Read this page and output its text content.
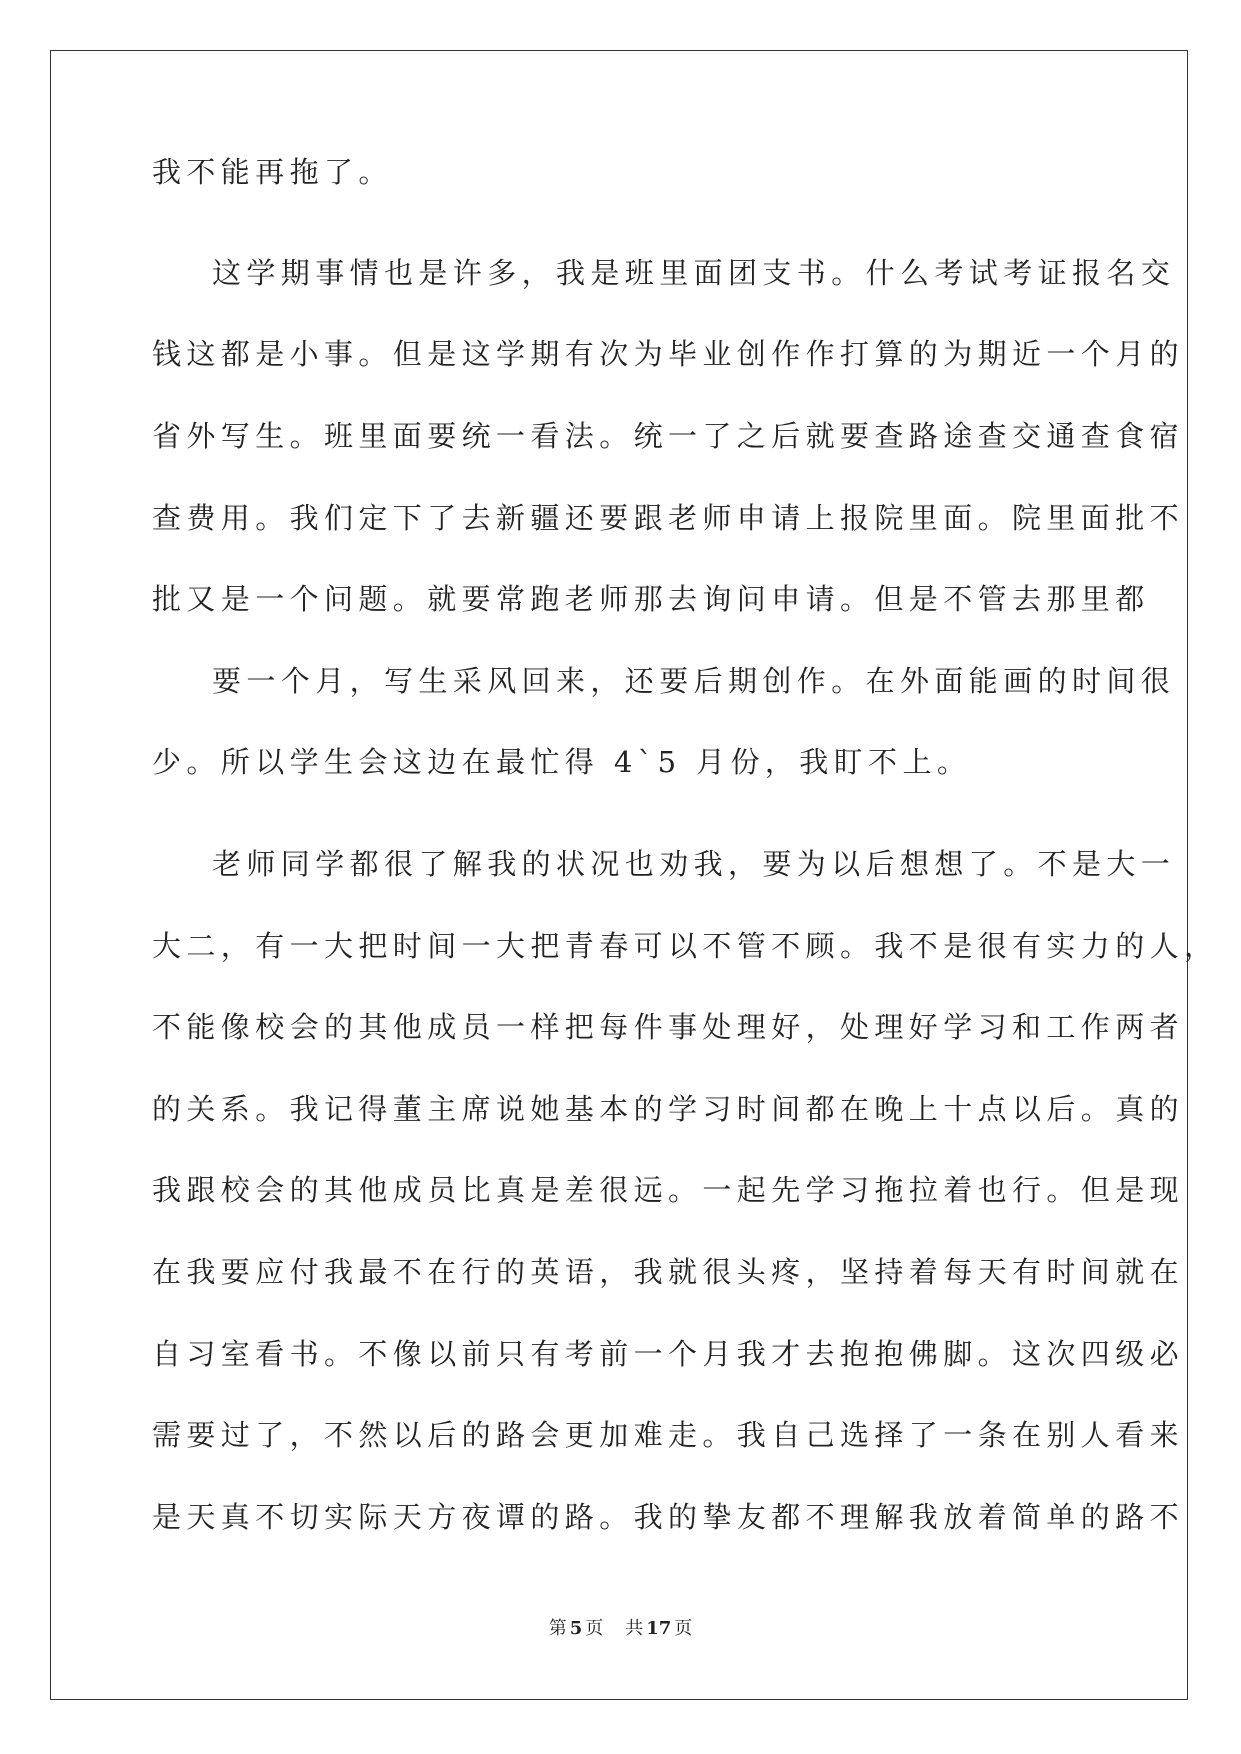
我不能再拖了。
这学期事情也是许多，我是班里面团支书。什么考试考证报名交
钱这都是小事。但是这学期有次为毕业创作作打算的为期近一个月的
省外写生。班里面要统一看法。统一了之后就要查路途查交通查食宿
查费用。我们定下了去新疆还要跟老师申请上报院里面。院里面批不
批又是一个问题。就要常跑老师那去询问申请。但是不管去那里都
要一个月，写生采风回来，还要后期创作。在外面能画的时间很
少。所以学生会这边在最忙得 4`5 月份，我盯不上。
老师同学都很了解我的状况也劝我，要为以后想想了。不是大一
大二，有一大把时间一大把青春可以不管不顾。我不是很有实力的人，
不能像校会的其他成员一样把每件事处理好，处理好学习和工作两者
的关系。我记得董主席说她基本的学习时间都在晚上十点以后。真的
我跟校会的其他成员比真是差很远。一起先学习拖拉着也行。但是现
在我要应付我最不在行的英语，我就很头疼，坚持着每天有时间就在
自习室看书。不像以前只有考前一个月我才去抱抱佛脚。这次四级必
需要过了，不然以后的路会更加难走。我自己选择了一条在别人看来
是天真不切实际天方夜谭的路。我的挚友都不理解我放着简单的路不
第 5 页 共 17 页
